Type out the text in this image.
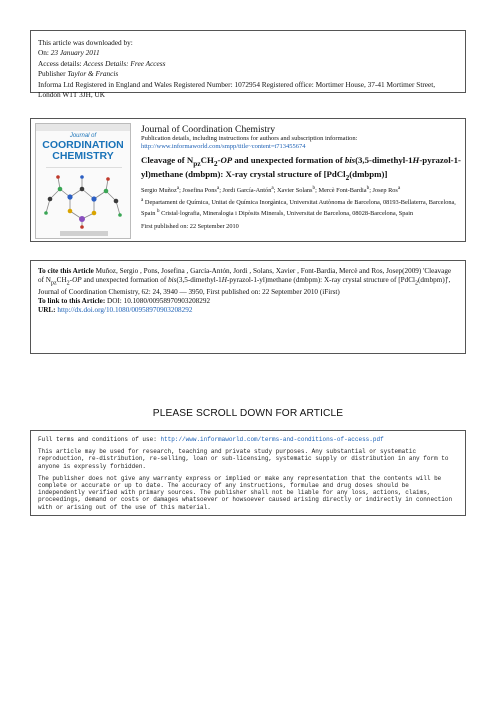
This article was downloaded by:
On: 23 January 2011
Access details: Access Details: Free Access
Publisher Taylor & Francis
Informa Ltd Registered in England and Wales Registered Number: 1072954 Registered office: Mortimer House, 37-41 Mortimer Street, London W1T 3JH, UK
Journal of
COORDINATION
CHEMISTRY
Journal of Coordination Chemistry
Publication details, including instructions for authors and subscription information:
http://www.informaworld.com/smpp/title~content=t713455674
Cleavage of $N_{pz}CH_2-OP$ and unexpected formation of bis(3,5-dimethyl-1H-pyrazol-1-yl)methane (dmbpm): X-ray crystal structure of [PdCl$_2$(dmbpm)]
Sergio Muñoz$^a$; Josefina Pons$^a$; Jordi García-Antón$^a$; Xavier Solans$^b$; Mercè Font-Bardia$^b$; Josep Ros$^a$
$^a$ Departament de Química, Unitat de Química Inorgànica, Universitat Autònoma de Barcelona, 08193-Bellaterra, Barcelona, Spain $^b$ Cristal·lografia, Mineralogia i Dipòsits Minerals, Universitat de Barcelona, 08028-Barcelona, Spain
First published on: 22 September 2010
To cite this Article Muñoz, Sergio , Pons, Josefina , García-Antón, Jordi , Solans, Xavier , Font-Bardia, Mercè and Ros, Josep(2009) 'Cleavage of $N_{pz}CH_2-OP$ and unexpected formation of bis(3,5-dimethyl-1H-pyrazol-1-yl)methane (dmbpm): X-ray crystal structure of [PdCl$_2$(dmbpm)]', Journal of Coordination Chemistry, 62: 24, 3940 — 3950, First published on: 22 September 2010 (iFirst)
To link to this Article: DOI: 10.1080/00958970903208292
URL: http://dx.doi.org/10.1080/00958970903208292
PLEASE SCROLL DOWN FOR ARTICLE
Full terms and conditions of use: http://www.informaworld.com/terms-and-conditions-of-access.pdf
This article may be used for research, teaching and private study purposes. Any substantial or systematic reproduction, re-distribution, re-selling, loan or sub-licensing, systematic supply or distribution in any form to anyone is expressly forbidden.
The publisher does not give any warranty express or implied or make any representation that the contents will be complete or accurate or up to date. The accuracy of any instructions, formulae and drug doses should be independently verified with primary sources. The publisher shall not be liable for any loss, actions, claims, proceedings, demand or costs or damages whatsoever or howsoever caused arising directly or indirectly in connection with or arising out of the use of this material.
